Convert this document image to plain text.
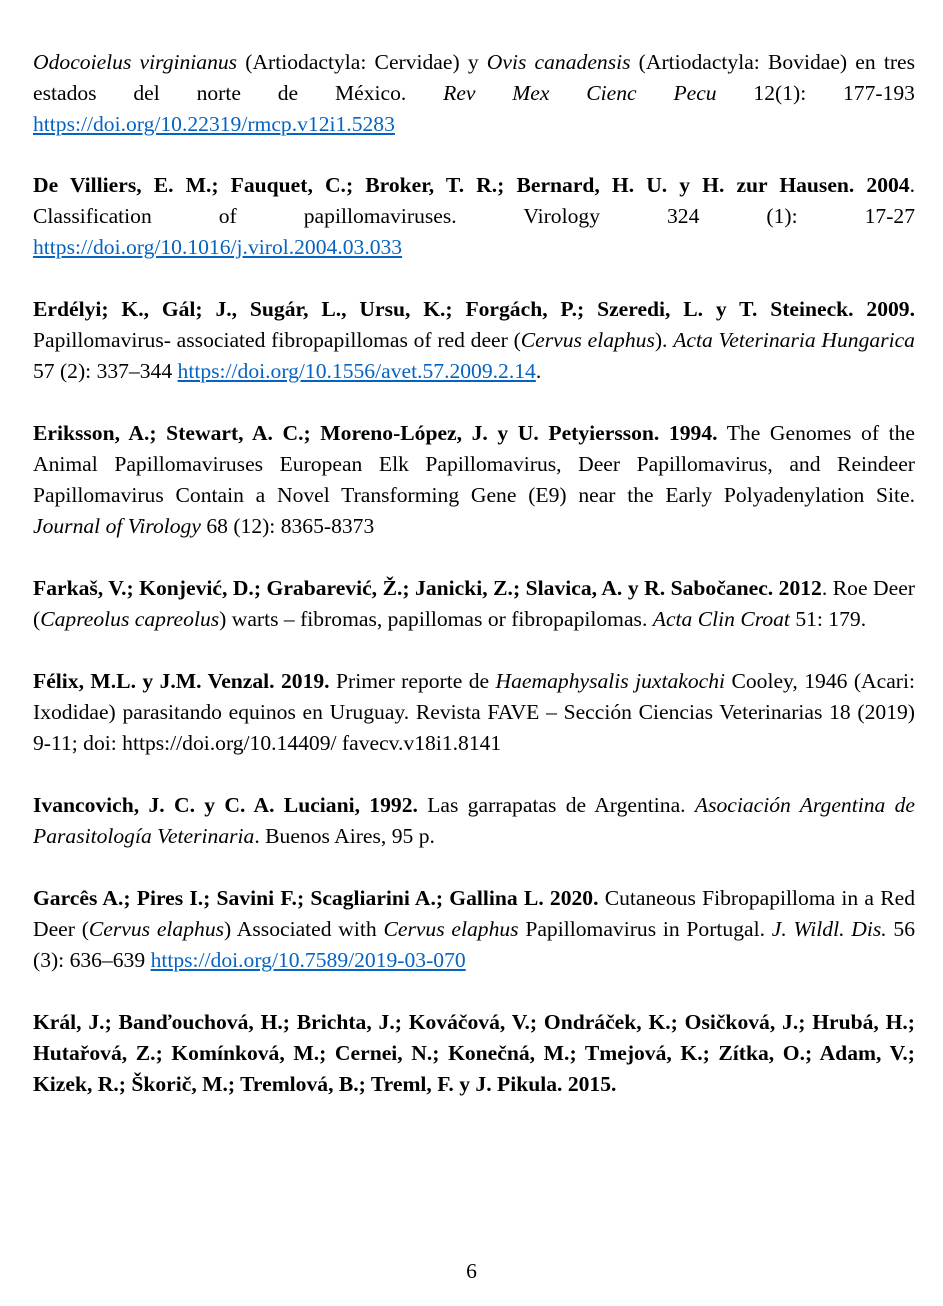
Odocoielus virginianus (Artiodactyla: Cervidae) y Ovis canadensis (Artiodactyla: Bovidae) en tres estados del norte de México. Rev Mex Cienc Pecu 12(1): 177-193 https://doi.org/10.22319/rmcp.v12i1.5283

De Villiers, E. M.; Fauquet, C.; Broker, T. R.; Bernard, H. U. y H. zur Hausen. 2004. Classification of papillomaviruses. Virology 324 (1): 17-27 https://doi.org/10.1016/j.virol.2004.03.033

Erdélyi; K., Gál; J., Sugár, L., Ursu, K.; Forgách, P.; Szeredi, L. y T. Steineck. 2009. Papillomavirus- associated fibropapillomas of red deer (Cervus elaphus). Acta Veterinaria Hungarica 57 (2): 337–344 https://doi.org/10.1556/avet.57.2009.2.14.

Eriksson, A.; Stewart, A. C.; Moreno-López, J. y U. Petyiersson. 1994. The Genomes of the Animal Papillomaviruses European Elk Papillomavirus, Deer Papillomavirus, and Reindeer Papillomavirus Contain a Novel Transforming Gene (E9) near the Early Polyadenylation Site. Journal of Virology 68 (12): 8365-8373

Farkaš, V.; Konjević, D.; Grabarević, Ž.; Janicki, Z.; Slavica, A. y R. Sabočanec. 2012. Roe Deer (Capreolus capreolus) warts – fibromas, papillomas or fibropapilomas. Acta Clin Croat 51: 179.

Félix, M.L. y J.M. Venzal. 2019. Primer reporte de Haemaphysalis juxtakochi Cooley, 1946 (Acari: Ixodidae) parasitando equinos en Uruguay. Revista FAVE – Sección Ciencias Veterinarias 18 (2019) 9-11; doi: https://doi.org/10.14409/ favecv.v18i1.8141

Ivancovich, J. C. y C. A. Luciani, 1992. Las garrapatas de Argentina. Asociación Argentina de Parasitología Veterinaria. Buenos Aires, 95 p.

Garcês A.; Pires I.; Savini F.; Scagliarini A.; Gallina L. 2020. Cutaneous Fibropapilloma in a Red Deer (Cervus elaphus) Associated with Cervus elaphus Papillomavirus in Portugal. J. Wildl. Dis. 56 (3): 636–639 https://doi.org/10.7589/2019-03-070

Král, J.; Banďouchová, H.; Brichta, J.; Kováčová, V.; Ondráček, K.; Osičková, J.; Hrubá, H.; Hutařová, Z.; Komínková, M.; Cernei, N.; Konečná, M.; Tmejová, K.; Zítka, O.; Adam, V.; Kizek, R.; Škorič, M.; Tremlová, B.; Treml, F. y J. Pikula. 2015.

6
